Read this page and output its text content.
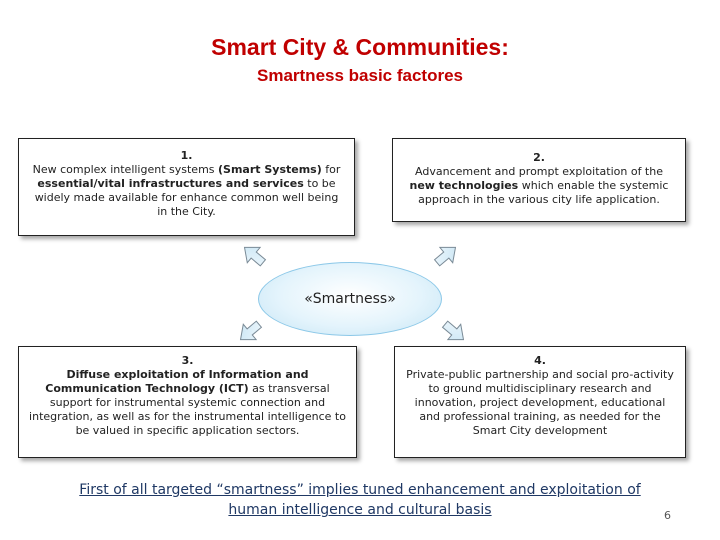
Smart City & Communities:
Smartness basic factores
1.
New complex intelligent systems (Smart Systems) for essential/vital infrastructures and services to be widely made available for enhance common well being in the City.
2.
Advancement and prompt exploitation of the new technologies which enable the systemic approach in the various city life application.
3.
Diffuse exploitation of Information and Communication Technology (ICT) as transversal support for instrumental systemic connection and integration, as well as for the instrumental intelligence to be valued in specific application sectors.
4.
Private-public partnership and social pro-activity to ground multidisciplinary research and innovation, project development, educational and professional training, as needed for the Smart City development
«Smartness»
First of all targeted “smartness” implies tuned enhancement and exploitation of
human intelligence and cultural basis	6
